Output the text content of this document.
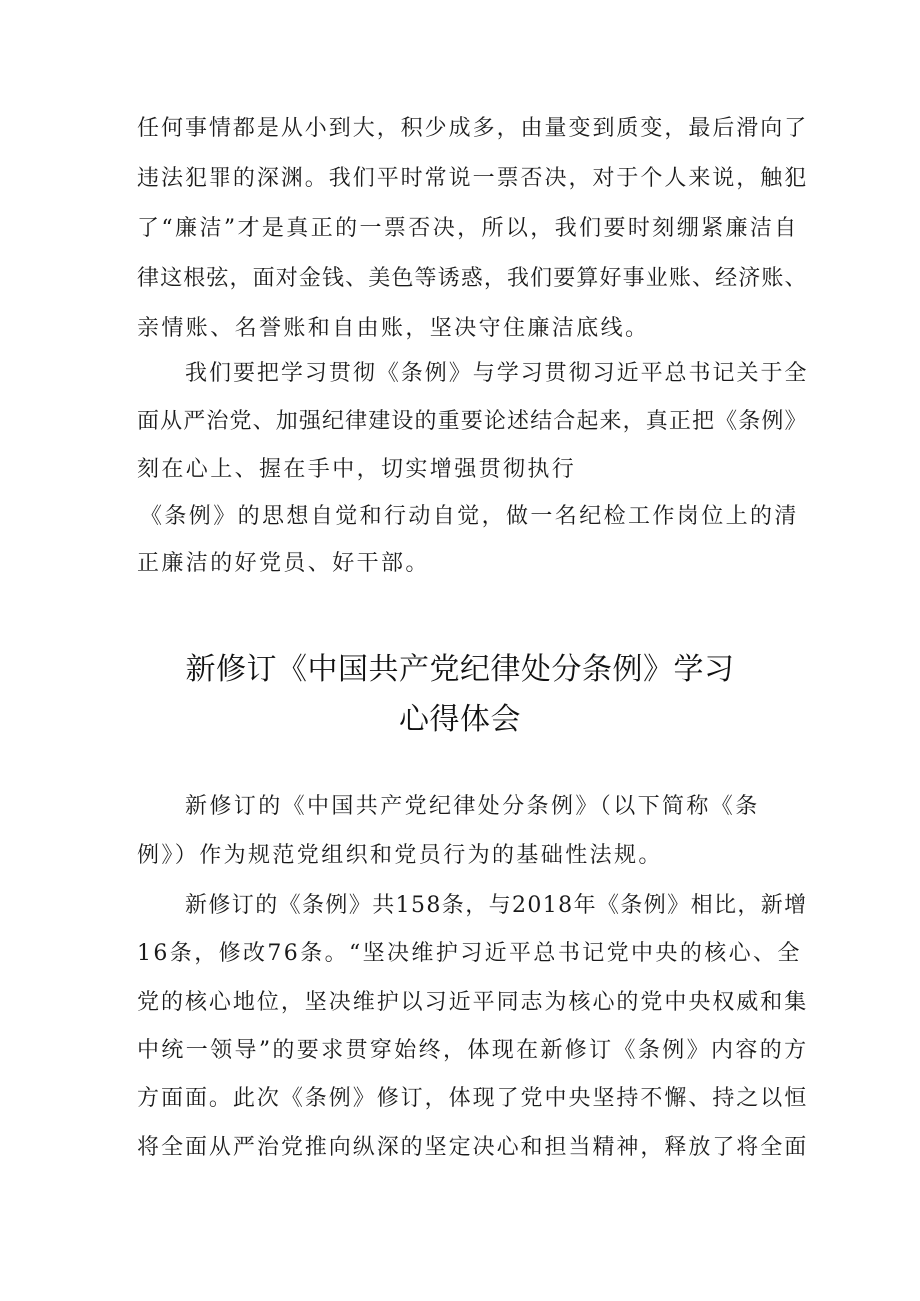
任何事情都是从小到大，积少成多，由量变到质变，最后滑向了

违法犯罪的深渊。我们平时常说一票否决，对于个人来说，触犯

了“廉洁”才是真正的一票否决，所以，我们要时刻绷紧廉洁自

律这根弦，面对金钱、美色等诱惑，我们要算好事业账、经济账、

亲情账、名誉账和自由账，坚决守住廉洁底线。

我们要把学习贯彻《条例》与学习贯彻习近平总书记关于全

面从严治党、加强纪律建设的重要论述结合起来，真正把《条例》

刻在心上、握在手中，切实增强贯彻执行

《条例》的思想自觉和行动自觉，做一名纪检工作岗位上的清

正廉洁的好党员、好干部。

新修订《中国共产党纪律处分条例》学习
心得体会

新修订的《中国共产党纪律处分条例》（以下简称《条

例》）作为规范党组织和党员行为的基础性法规。

新修订的《条例》共158条，与2018年《条例》相比，新增

16条，修改76条。“坚决维护习近平总书记党中央的核心、全

党的核心地位，坚决维护以习近平同志为核心的党中央权威和集

中统一领导”的要求贯穿始终，体现在新修订《条例》内容的方

方面面。此次《条例》修订，体现了党中央坚持不懈、持之以恒

将全面从严治党推向纵深的坚定决心和担当精神，释放了将全面
